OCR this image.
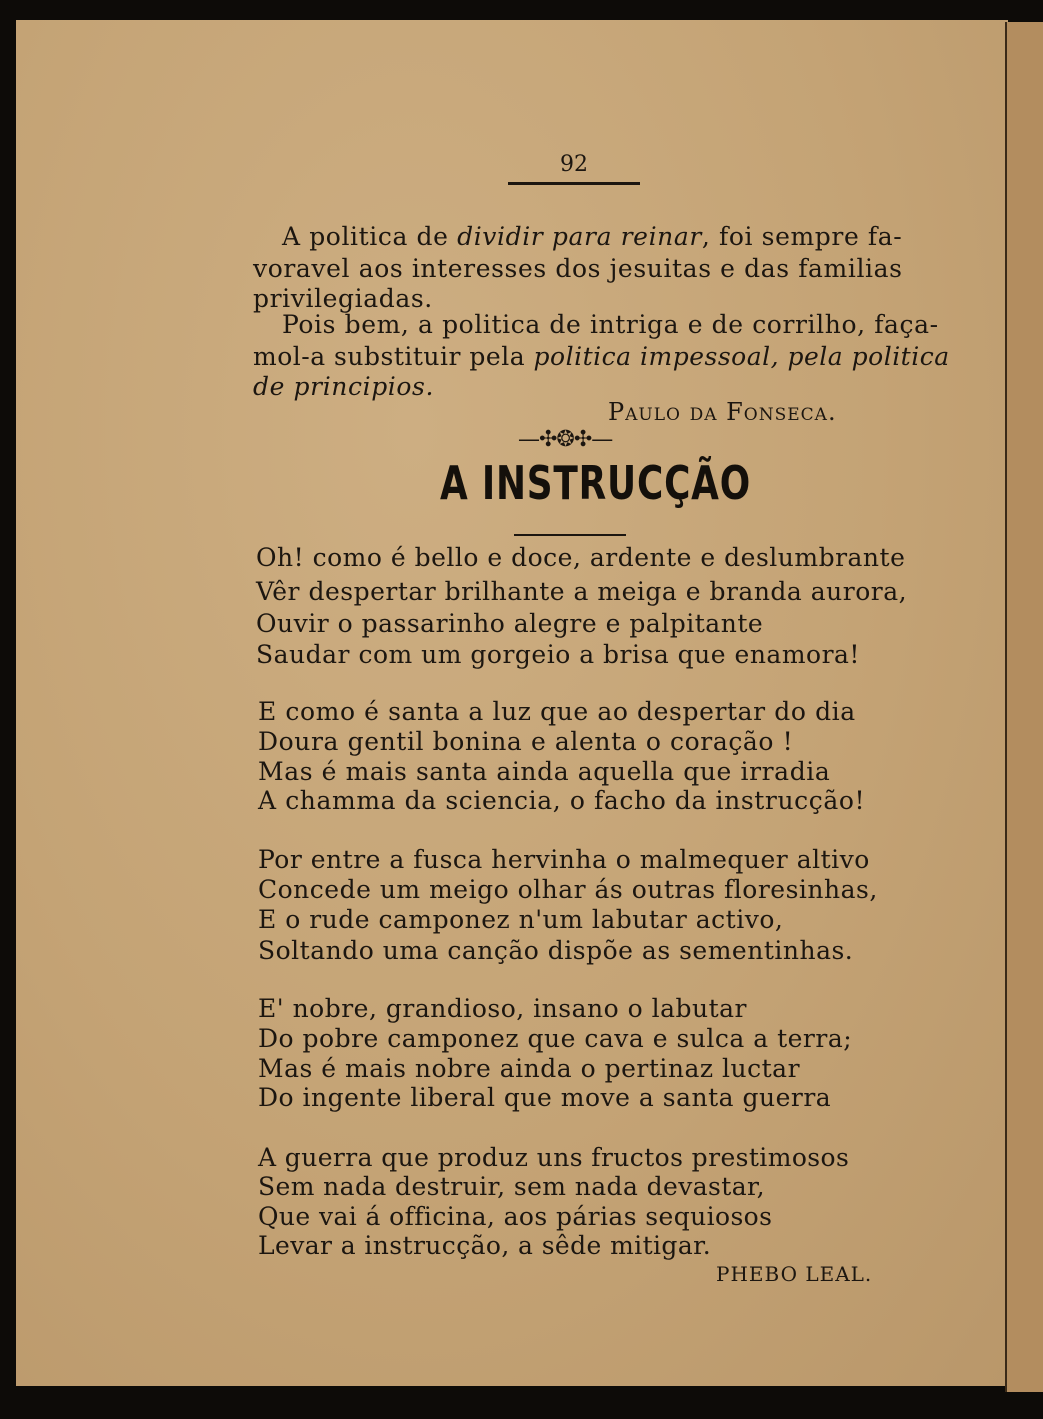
92
A politica de dividir para reinar, foi sempre fa-
voravel aos interesses dos jesuitas e das familias
privilegiadas.
Pois bem, a politica de intriga e de corrilho, faça-
mol-a substituir pela politica impessoal, pela politica
de principios.
Paulo da Fonseca.
—✣❂✣—
A INSTRUCÇÃO
Oh! como é bello e doce, ardente e deslumbrante
Vêr despertar brilhante a meiga e branda aurora,
Ouvir o passarinho alegre e palpitante
Saudar com um gorgeio a brisa que enamora!
E como é santa a luz que ao despertar do dia
Doura gentil bonina e alenta o coração !
Mas é mais santa ainda aquella que irradia
A chamma da sciencia, o facho da instrucção!
Por entre a fusca hervinha o malmequer altivo
Concede um meigo olhar ás outras floresinhas,
E o rude camponez n'um labutar activo,
Soltando uma canção dispõe as sementinhas.
E' nobre, grandioso, insano o labutar
Do pobre camponez que cava e sulca a terra;
Mas é mais nobre ainda o pertinaz luctar
Do ingente liberal que move a santa guerra
A guerra que produz uns fructos prestimosos
Sem nada destruir, sem nada devastar,
Que vai á officina, aos párias sequiosos
Levar a instrucção, a sêde mitigar.
PHEBO LEAL.
